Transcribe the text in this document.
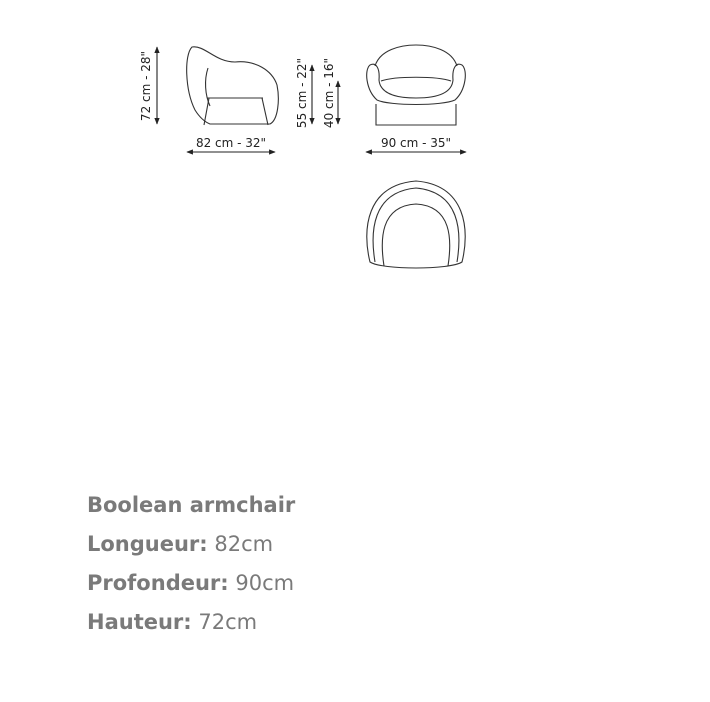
72 cm - 28"
82 cm - 32"
55 cm - 22" 40 cm - 16"
90 cm - 35"
Boolean armchair
Longueur: 82cm
Profondeur: 90cm
Hauteur: 72cm
